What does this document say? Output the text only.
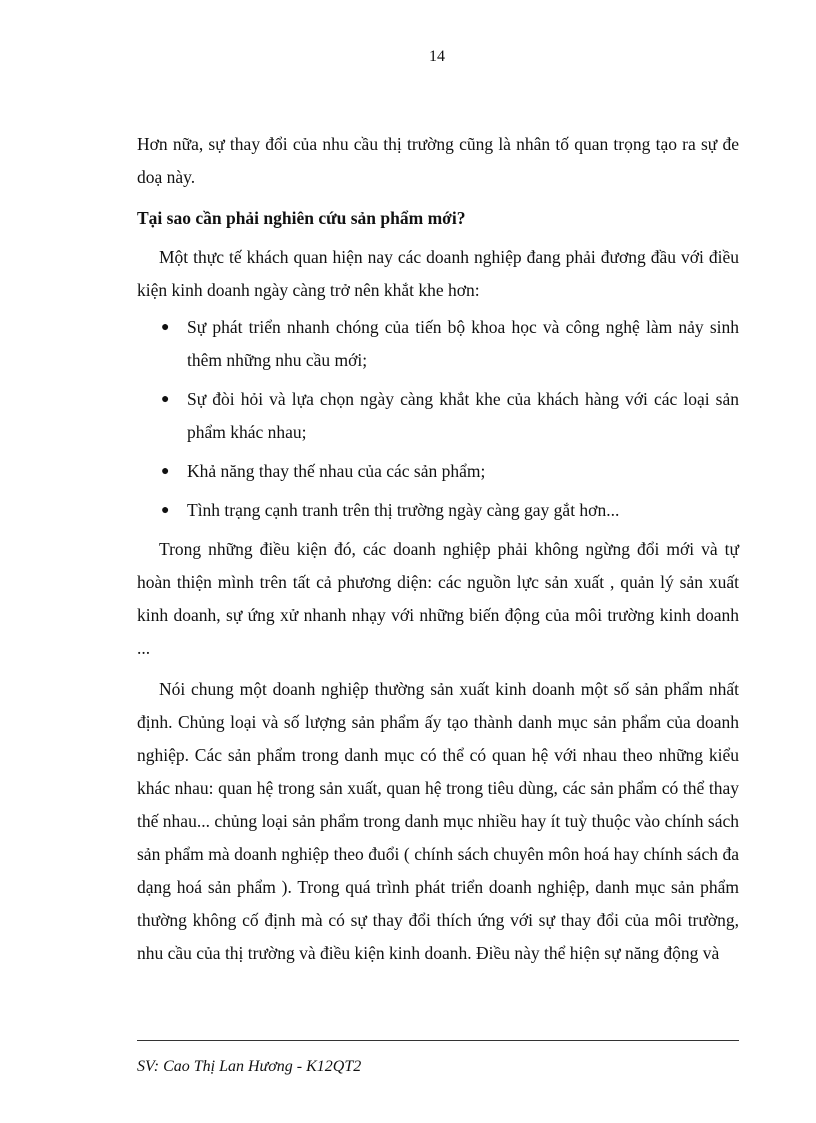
14

Hơn nữa, sự thay đổi của nhu cầu thị trường cũng là nhân tố quan trọng tạo ra sự đe doạ này.

Tại sao cần phải nghiên cứu sản phẩm mới?

Một thực tế khách quan hiện nay các doanh nghiệp đang phải đương đầu với điều kiện kinh doanh ngày càng trở nên khắt khe hơn:

● Sự phát triển nhanh chóng của tiến bộ khoa học và công nghệ làm nảy sinh thêm những nhu cầu mới;
● Sự đòi hỏi và lựa chọn ngày càng khắt khe của khách hàng với các loại sản phẩm khác nhau;
● Khả năng thay thế nhau của các sản phẩm;
● Tình trạng cạnh tranh trên thị trường ngày càng gay gắt hơn...

Trong những điều kiện đó, các doanh nghiệp phải không ngừng đổi mới và tự hoàn thiện mình trên tất cả phương diện: các nguồn lực sản xuất , quản lý sản xuất kinh doanh, sự ứng xử nhanh nhạy với những biến động của môi trường kinh doanh ...

Nói chung một doanh nghiệp thường sản xuất kinh doanh một số sản phẩm nhất định. Chủng loại và số lượng sản phẩm ấy tạo thành danh mục sản phẩm của doanh nghiệp. Các sản phẩm trong danh mục có thể có quan hệ với nhau theo những kiểu khác nhau: quan hệ trong sản xuất, quan hệ trong tiêu dùng, các sản phẩm có thể thay thế nhau... chủng loại sản phẩm trong danh mục nhiều hay ít tuỳ thuộc vào chính sách sản phẩm mà doanh nghiệp theo đuổi ( chính sách chuyên môn hoá hay chính sách đa dạng hoá sản phẩm ). Trong quá trình phát triển doanh nghiệp, danh mục sản phẩm thường không cố định mà có sự thay đổi thích ứng với sự thay đổi của môi trường, nhu cầu của thị trường và điều kiện kinh doanh. Điều này thể hiện sự năng động và

SV: Cao Thị Lan Hương - K12QT2
